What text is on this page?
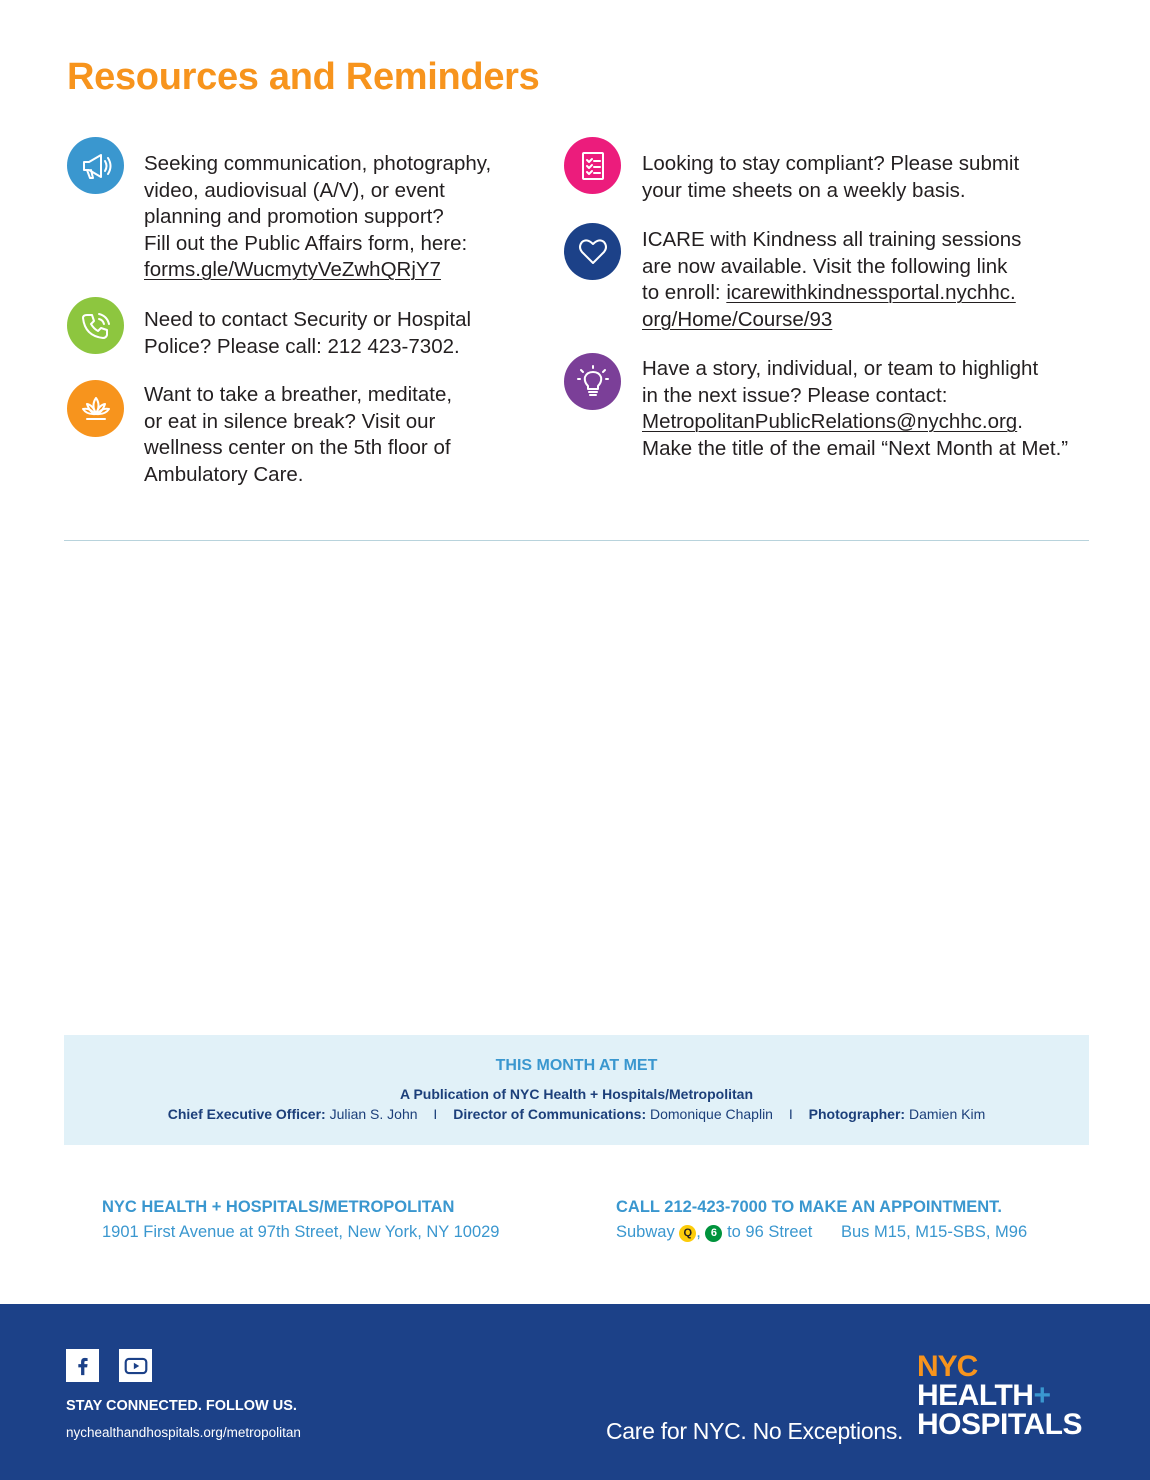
Resources and Reminders
Seeking communication, photography,
video, audiovisual (A/V), or event
planning and promotion support?
Fill out the Public Affairs form, here:
forms.gle/WucmytyVeZwhQRjY7
Need to contact Security or Hospital
Police? Please call: 212 423-7302.
Want to take a breather, meditate,
or eat in silence break? Visit our
wellness center on the 5th floor of
Ambulatory Care.
Looking to stay compliant? Please submit
your time sheets on a weekly basis.
ICARE with Kindness all training sessions
are now available. Visit the following link
to enroll: icarewithkindnessportal.nychhc.
org/Home/Course/93
Have a story, individual, or team to highlight
in the next issue? Please contact:
MetropolitanPublicRelations@nychhc.org.
Make the title of the email “Next Month at Met.”
THIS MONTH AT MET
A Publication of NYC Health + Hospitals/Metropolitan
Chief Executive Officer: Julian S. John I Director of Communications: Domonique Chaplin I Photographer: Damien Kim
NYC HEALTH + HOSPITALS/METROPOLITAN
1901 First Avenue at 97th Street, New York, NY 10029
CALL 212-423-7000 TO MAKE AN APPOINTMENT.
Subway Q , 6 to 96 Street Bus M15, M15-SBS, M96
STAY CONNECTED. FOLLOW US.
nychealthandhospitals.org/metropolitan	Care for NYC. No Exceptions.
NYC
HEALTH+
HOSPITALS
